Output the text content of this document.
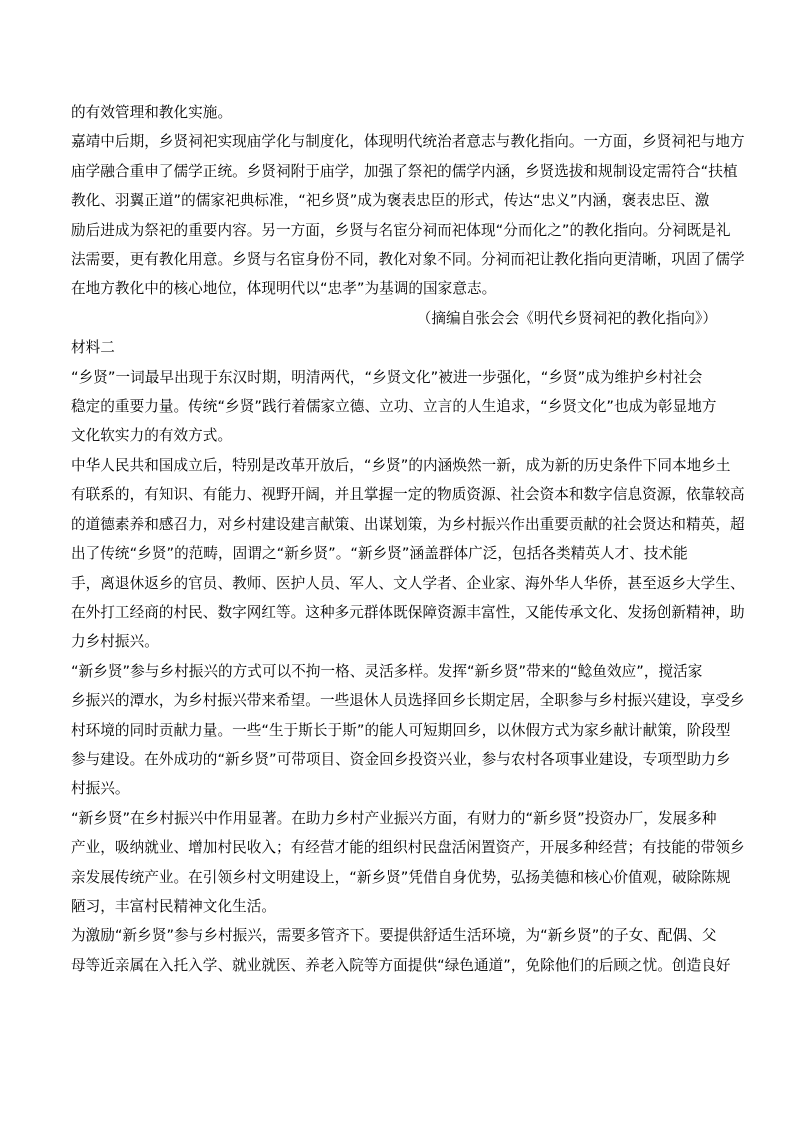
的有效管理和教化实施。
嘉靖中后期，乡贤祠祀实现庙学化与制度化，体现明代统治者意志与教化指向。一方面，乡贤祠祀与地方
庙学融合重申了儒学正统。乡贤祠附于庙学，加强了祭祀的儒学内涵，乡贤选拔和规制设定需符合“扶植
教化、羽翼正道”的儒家祀典标准，“祀乡贤”成为褒表忠臣的形式，传达“忠义”内涵，褒表忠臣、激
励后进成为祭祀的重要内容。另一方面，乡贤与名宦分祠而祀体现“分而化之”的教化指向。分祠既是礼
法需要，更有教化用意。乡贤与名宦身份不同，教化对象不同。分祠而祀让教化指向更清晰，巩固了儒学
在地方教化中的核心地位，体现明代以“忠孝”为基调的国家意志。
（摘编自张会会《明代乡贤祠祀的教化指向》）
材料二
“乡贤”一词最早出现于东汉时期，明清两代，“乡贤文化”被进一步强化，“乡贤”成为维护乡村社会
稳定的重要力量。传统“乡贤”践行着儒家立德、立功、立言的人生追求，“乡贤文化”也成为彰显地方
文化软实力的有效方式。
中华人民共和国成立后，特别是改革开放后，“乡贤”的内涵焕然一新，成为新的历史条件下同本地乡土
有联系的，有知识、有能力、视野开阔，并且掌握一定的物质资源、社会资本和数字信息资源，依靠较高
的道德素养和感召力，对乡村建设建言献策、出谋划策，为乡村振兴作出重要贡献的社会贤达和精英，超
出了传统“乡贤”的范畴，固谓之“新乡贤”。“新乡贤”涵盖群体广泛，包括各类精英人才、技术能
手，离退休返乡的官员、教师、医护人员、军人、文人学者、企业家、海外华人华侨，甚至返乡大学生、
在外打工经商的村民、数字网红等。这种多元群体既保障资源丰富性，又能传承文化、发扬创新精神，助
力乡村振兴。
“新乡贤”参与乡村振兴的方式可以不拘一格、灵活多样。发挥“新乡贤”带来的“鲶鱼效应”，搅活家
乡振兴的潭水，为乡村振兴带来希望。一些退休人员选择回乡长期定居，全职参与乡村振兴建设，享受乡
村环境的同时贡献力量。一些“生于斯长于斯”的能人可短期回乡，以休假方式为家乡献计献策，阶段型
参与建设。在外成功的“新乡贤”可带项目、资金回乡投资兴业，参与农村各项事业建设，专项型助力乡
村振兴。
“新乡贤”在乡村振兴中作用显著。在助力乡村产业振兴方面，有财力的“新乡贤”投资办厂，发展多种
产业，吸纳就业、增加村民收入；有经营才能的组织村民盘活闲置资产，开展多种经营；有技能的带领乡
亲发展传统产业。在引领乡村文明建设上，“新乡贤”凭借自身优势，弘扬美德和核心价值观，破除陈规
陋习，丰富村民精神文化生活。
为激励“新乡贤”参与乡村振兴，需要多管齐下。要提供舒适生活环境，为“新乡贤”的子女、配偶、父
母等近亲属在入托入学、就业就医、养老入院等方面提供“绿色通道”，免除他们的后顾之忧。创造良好
